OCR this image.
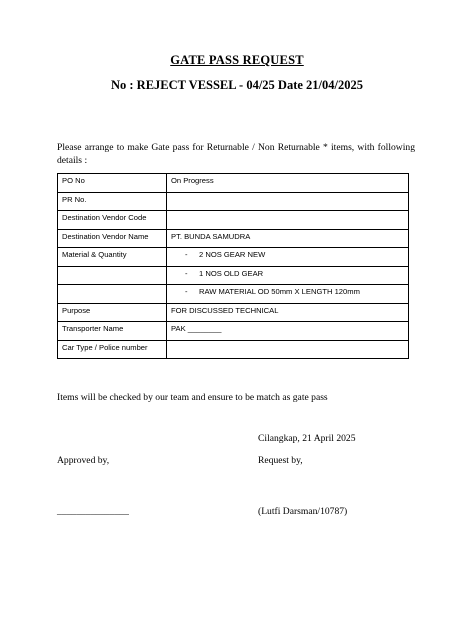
GATE PASS REQUEST
No : REJECT VESSEL - 04/25 Date 21/04/2025
Please arrange to make Gate pass for Returnable / Non Returnable * items, with following details :
PO No	On Progress
PR No.	
Destination Vendor Code	
Destination Vendor Name	PT. BUNDA SAMUDRA
Material & Quantity	- 2 NOS GEAR NEW
	- 1 NOS OLD GEAR
	- RAW MATERIAL OD 50mm X LENGTH 120mm
Purpose	FOR DISCUSSED TECHNICAL
Transporter Name	PAK ________
Car Type / Police number	
Items will be checked by our team and ensure to be match as gate pass
Cilangkap, 21 April 2025
Approved by,	Request by,
_______________	(Lutfi Darsman/10787)
